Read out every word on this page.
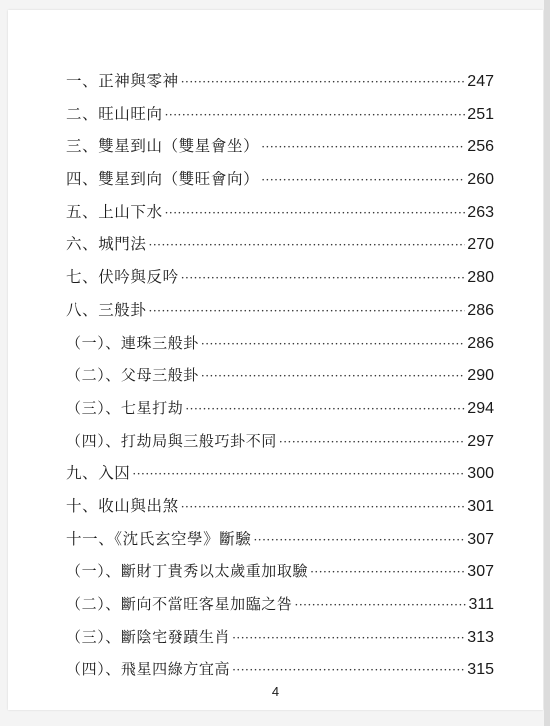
一、正神與零神 ·····	247
二、旺山旺向 ·····	251
三、雙星到山（雙星會坐） ·····	256
四、雙星到向（雙旺會向） ·····	260
五、上山下水 ·····	263
六、城門法 ·····	270
七、伏吟與反吟 ·····	280
八、三般卦 ·····	286
（一）、連珠三般卦 ·····	286
（二）、父母三般卦 ·····	290
（三）、七星打劫 ·····	294
（四）、打劫局與三般巧卦不同 ·····	297
九、入囚 ·····	300
十、收山與出煞 ·····	301
十一、《沈氏玄空學》斷驗 ·····	307
（一）、斷財丁貴秀以太歲重加取驗 ·····	307
（二）、斷向不當旺客星加臨之咎 ·····	311
（三）、斷陰宅發蹟生肖 ·····	313
（四）、飛星四綠方宜高 ·····	315
4
